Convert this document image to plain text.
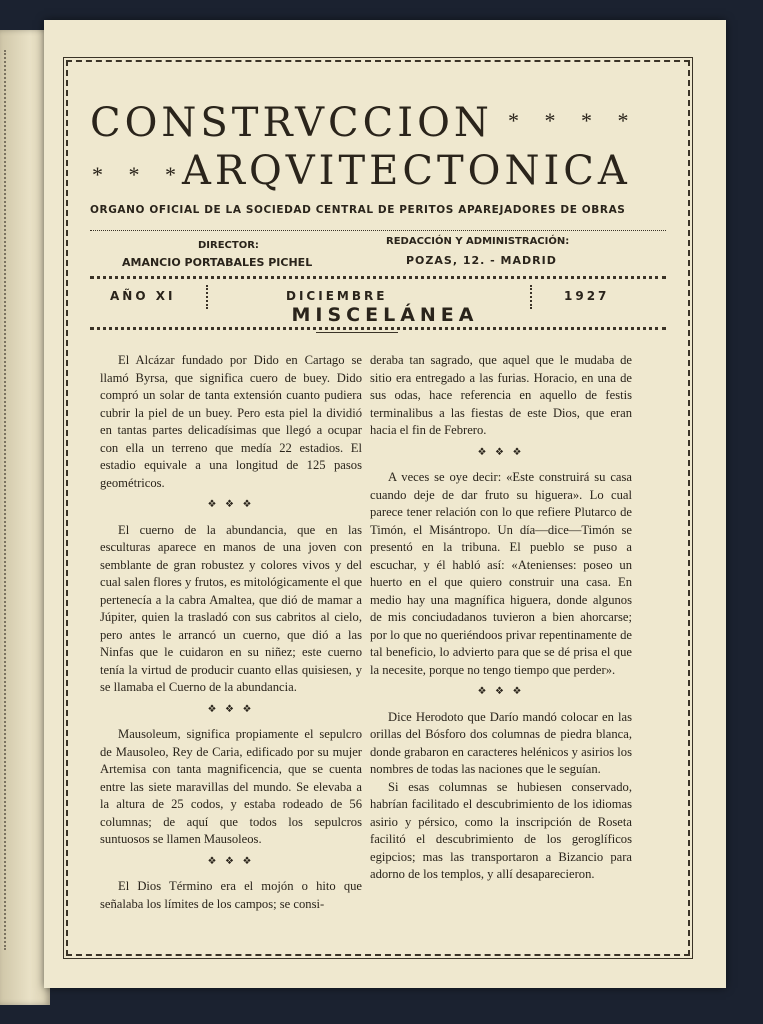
CONSTRVCCION * * * *
* * *
ARQVITECTONICA
ORGANO OFICIAL DE LA SOCIEDAD CENTRAL DE PERITOS APAREJADORES DE OBRAS
DIRECTOR:
AMANCIO PORTABALES PICHEL
REDACCIÓN Y ADMINISTRACIÓN:
POZAS, 12. - MADRID
AÑO XI	DICIEMBRE	1927
MISCELÁNEA

El Alcázar fundado por Dido en Cartago se llamó Byrsa, que significa cuero de buey. Dido compró un solar de tanta extensión cuanto pudiera cubrir la piel de un buey. Pero esta piel la dividió en tantas partes delicadísimas que llegó a ocupar con ella un terreno que medía 22 estadios. El estadio equivale a una longitud de 125 pasos geométricos.

❖ ❖ ❖

El cuerno de la abundancia, que en las esculturas aparece en manos de una joven con semblante de gran robustez y colores vivos y del cual salen flores y frutos, es mitológicamente el que pertenecía a la cabra Amaltea, que dió de mamar a Júpiter, quien la trasladó con sus cabritos al cielo, pero antes le arrancó un cuerno, que dió a las Ninfas que le cuidaron en su niñez; este cuerno tenía la virtud de producir cuanto ellas quisiesen, y se llamaba el Cuerno de la abundancia.

❖ ❖ ❖

Mausoleum, significa propiamente el sepulcro de Mausoleo, Rey de Caria, edificado por su mujer Artemisa con tanta magnificencia, que se cuenta entre las siete maravillas del mundo. Se elevaba a la altura de 25 codos, y estaba rodeado de 56 columnas; de aquí que todos los sepulcros suntuosos se llamen Mausoleos.

❖ ❖ ❖

El Dios Término era el mojón o hito que señalaba los límites de los campos; se consi-

deraba tan sagrado, que aquel que le mudaba de sitio era entregado a las furias. Horacio, en una de sus odas, hace referencia en aquello de festis terminalibus a las fiestas de este Dios, que eran hacia el fin de Febrero.

❖ ❖ ❖

A veces se oye decir: «Este construirá su casa cuando deje de dar fruto su higuera». Lo cual parece tener relación con lo que refiere Plutarco de Timón, el Misántropo. Un día—dice—Timón se presentó en la tribuna. El pueblo se puso a escuchar, y él habló así: «Atenienses: poseo un huerto en el que quiero construir una casa. En medio hay una magnífica higuera, donde algunos de mis conciudadanos tuvieron a bien ahorcarse; por lo que no queriéndoos privar repentinamente de tal beneficio, lo advierto para que se dé prisa el que la necesite, porque no tengo tiempo que perder».

❖ ❖ ❖

Dice Herodoto que Darío mandó colocar en las orillas del Bósforo dos columnas de piedra blanca, donde grabaron en caracteres helénicos y asirios los nombres de todas las naciones que le seguían.

Si esas columnas se hubiesen conservado, habrían facilitado el descubrimiento de los idiomas asirio y pérsico, como la inscripción de Roseta facilitó el descubrimiento de los geroglíficos egipcios; mas las transportaron a Bizancio para adorno de los templos, y allí desaparecieron.
